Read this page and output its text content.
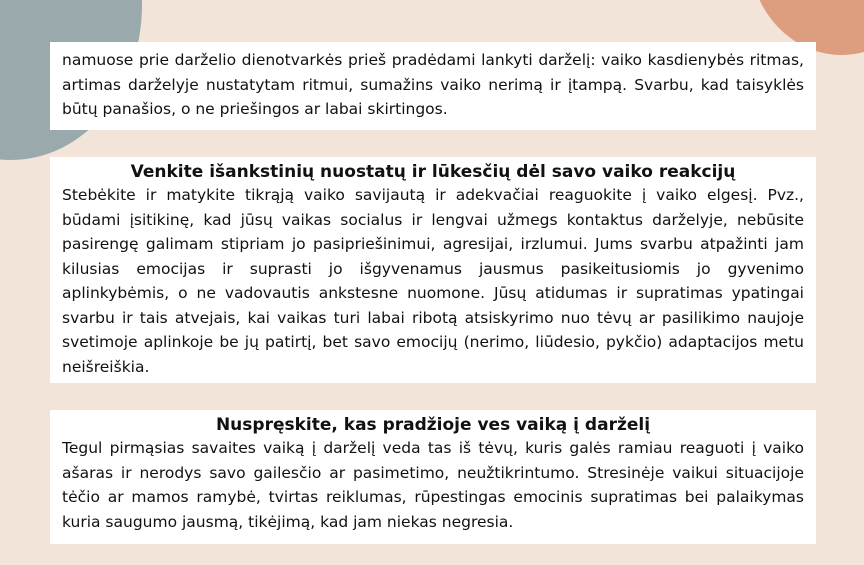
namuose prie darželio dienotvarkės prieš pradėdami lankyti darželį: vaiko kasdienybės ritmas, artimas darželyje nustatytam ritmui, sumažins vaiko nerimą ir įtampą. Svarbu, kad taisyklės būtų panašios, o ne priešingos ar labai skirtingos.

Venkite išankstinių nuostatų ir lūkesčių dėl savo vaiko reakcijų

Stebėkite ir matykite tikrąją vaiko savijautą ir adekvačiai reaguokite į vaiko elgesį. Pvz., būdami įsitikinę, kad jūsų vaikas socialus ir lengvai užmegs kontaktus darželyje, nebūsite pasirengę galimam stipriam jo pasipriešinimui, agresijai, irzlumui. Jums svarbu atpažinti jam kilusias emocijas ir suprasti jo išgyvenamus jausmus pasikeitusiomis jo gyvenimo aplinkybėmis, o ne vadovautis ankstesne nuomone. Jūsų atidumas ir supratimas ypatingai svarbu ir tais atvejais, kai vaikas turi labai ribotą atsiskyrimo nuo tėvų ar pasilikimo naujoje svetimoje aplinkoje be jų patirtį, bet savo emocijų (nerimo, liūdesio, pykčio) adaptacijos metu neišreiškia.

Nuspręskite, kas pradžioje ves vaiką į darželį

Tegul pirmąsias savaites vaiką į darželį veda tas iš tėvų, kuris galės ramiau reaguoti į vaiko ašaras ir nerodys savo gailesčio ar pasimetimo, neužtikrintumo. Stresinėje vaikui situacijoje tėčio ar mamos ramybė, tvirtas reiklumas, rūpestingas emocinis supratimas bei palaikymas kuria saugumo jausmą, tikėjimą, kad jam niekas negresia.
